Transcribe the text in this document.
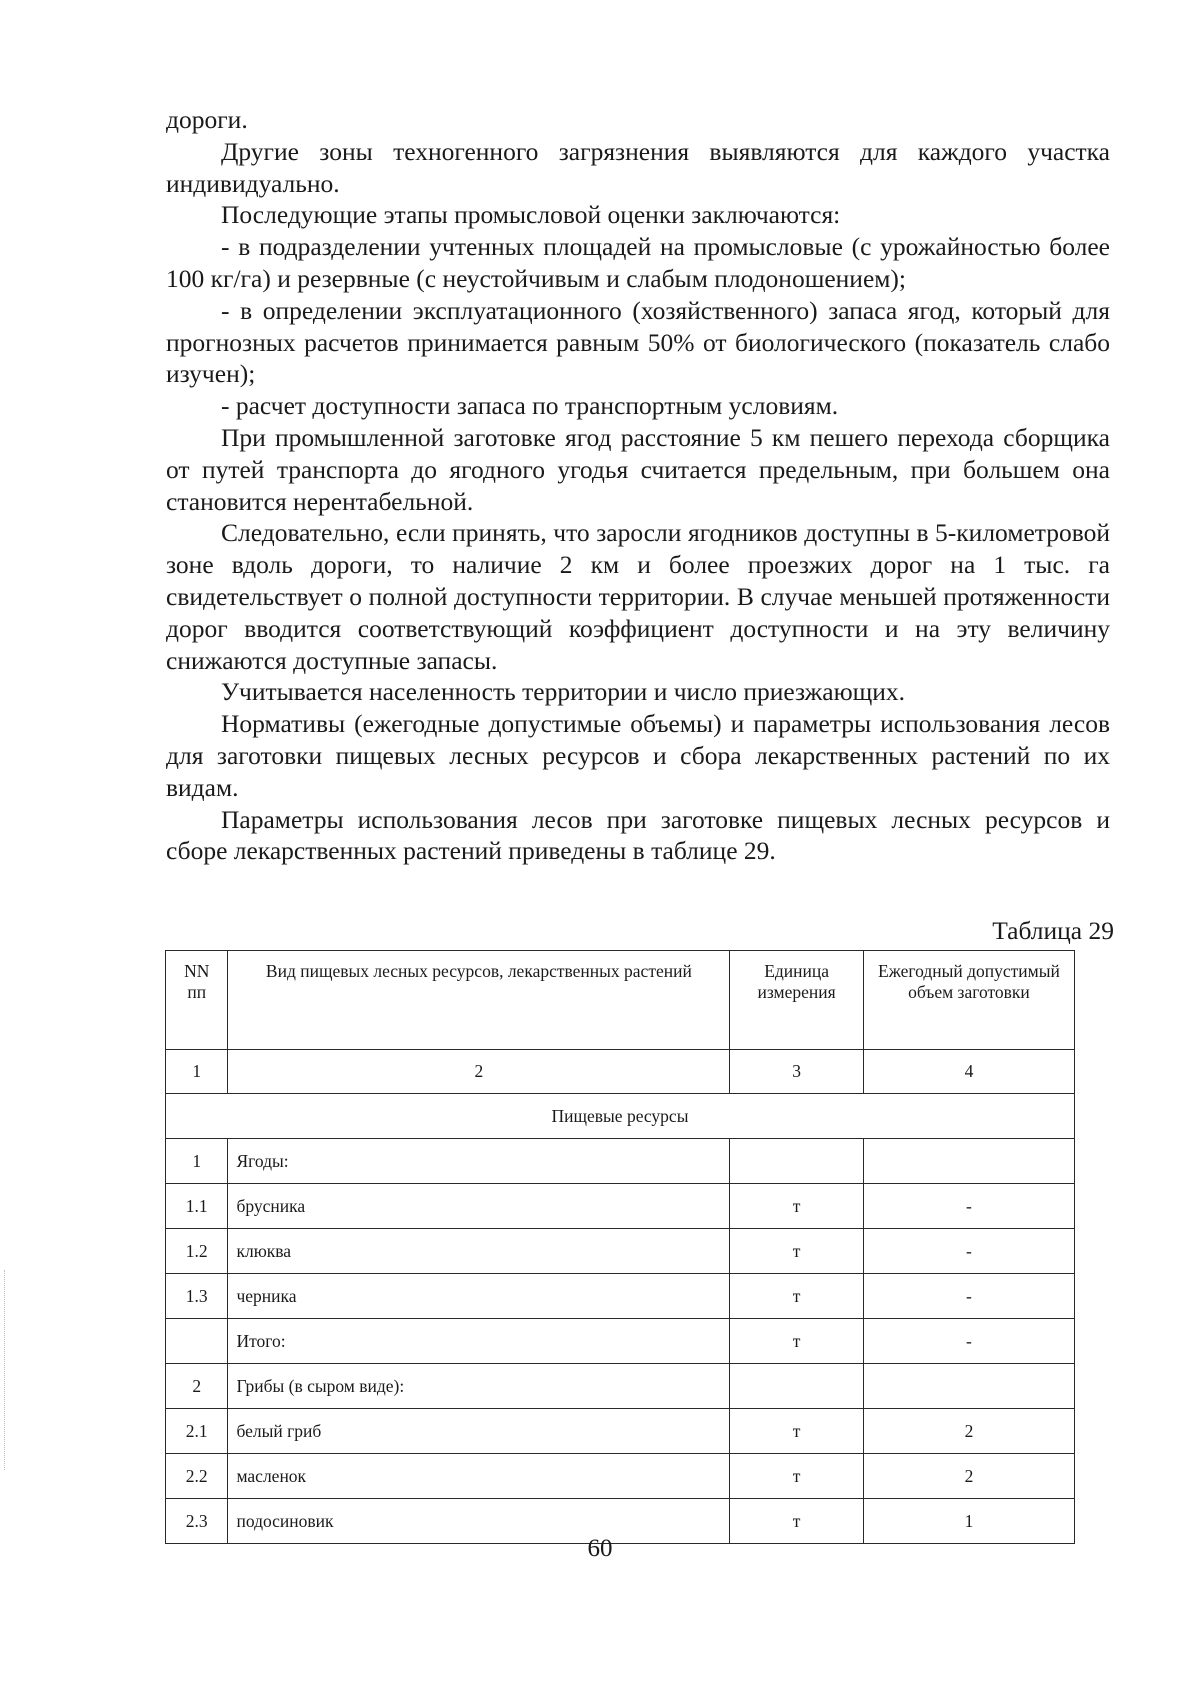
дороги.

Другие зоны техногенного загрязнения выявляются для каждого участка индивидуально.

Последующие этапы промысловой оценки заключаются:

- в подразделении учтенных площадей на промысловые (с урожайностью более 100 кг/га) и резервные (с неустойчивым и слабым плодоношением);

- в определении эксплуатационного (хозяйственного) запаса ягод, который для прогнозных расчетов принимается равным 50% от биологического (показатель слабо изучен);

- расчет доступности запаса по транспортным условиям.

При промышленной заготовке ягод расстояние 5 км пешего перехода сборщика от путей транспорта до ягодного угодья считается предельным, при большем она становится нерентабельной.

Следовательно, если принять, что заросли ягодников доступны в 5-километровой зоне вдоль дороги, то наличие 2 км и более проезжих дорог на 1 тыс. га свидетельствует о полной доступности территории. В случае меньшей протяженности дорог вводится соответствующий коэффициент доступности и на эту величину снижаются доступные запасы.

Учитывается населенность территории и число приезжающих.

Нормативы (ежегодные допустимые объемы) и параметры использования лесов для заготовки пищевых лесных ресурсов и сбора лекарственных растений по их видам.

Параметры использования лесов при заготовке пищевых лесных ресурсов и сборе лекарственных растений приведены в таблице 29.

Таблица 29
NN пп	Вид пищевых лесных ресурсов, лекарственных растений	Единица измерения	Ежегодный допустимый объем заготовки
1	2	3	4
Пищевые ресурсы			
1	Ягоды:		
1.1	брусника	т	-
1.2	клюква	т	-
1.3	черника	т	-
	Итого:	т	-
2	Грибы (в сыром виде):		
2.1	белый гриб	т	2
2.2	масленок	т	2
2.3	подосиновик	т	1
60
